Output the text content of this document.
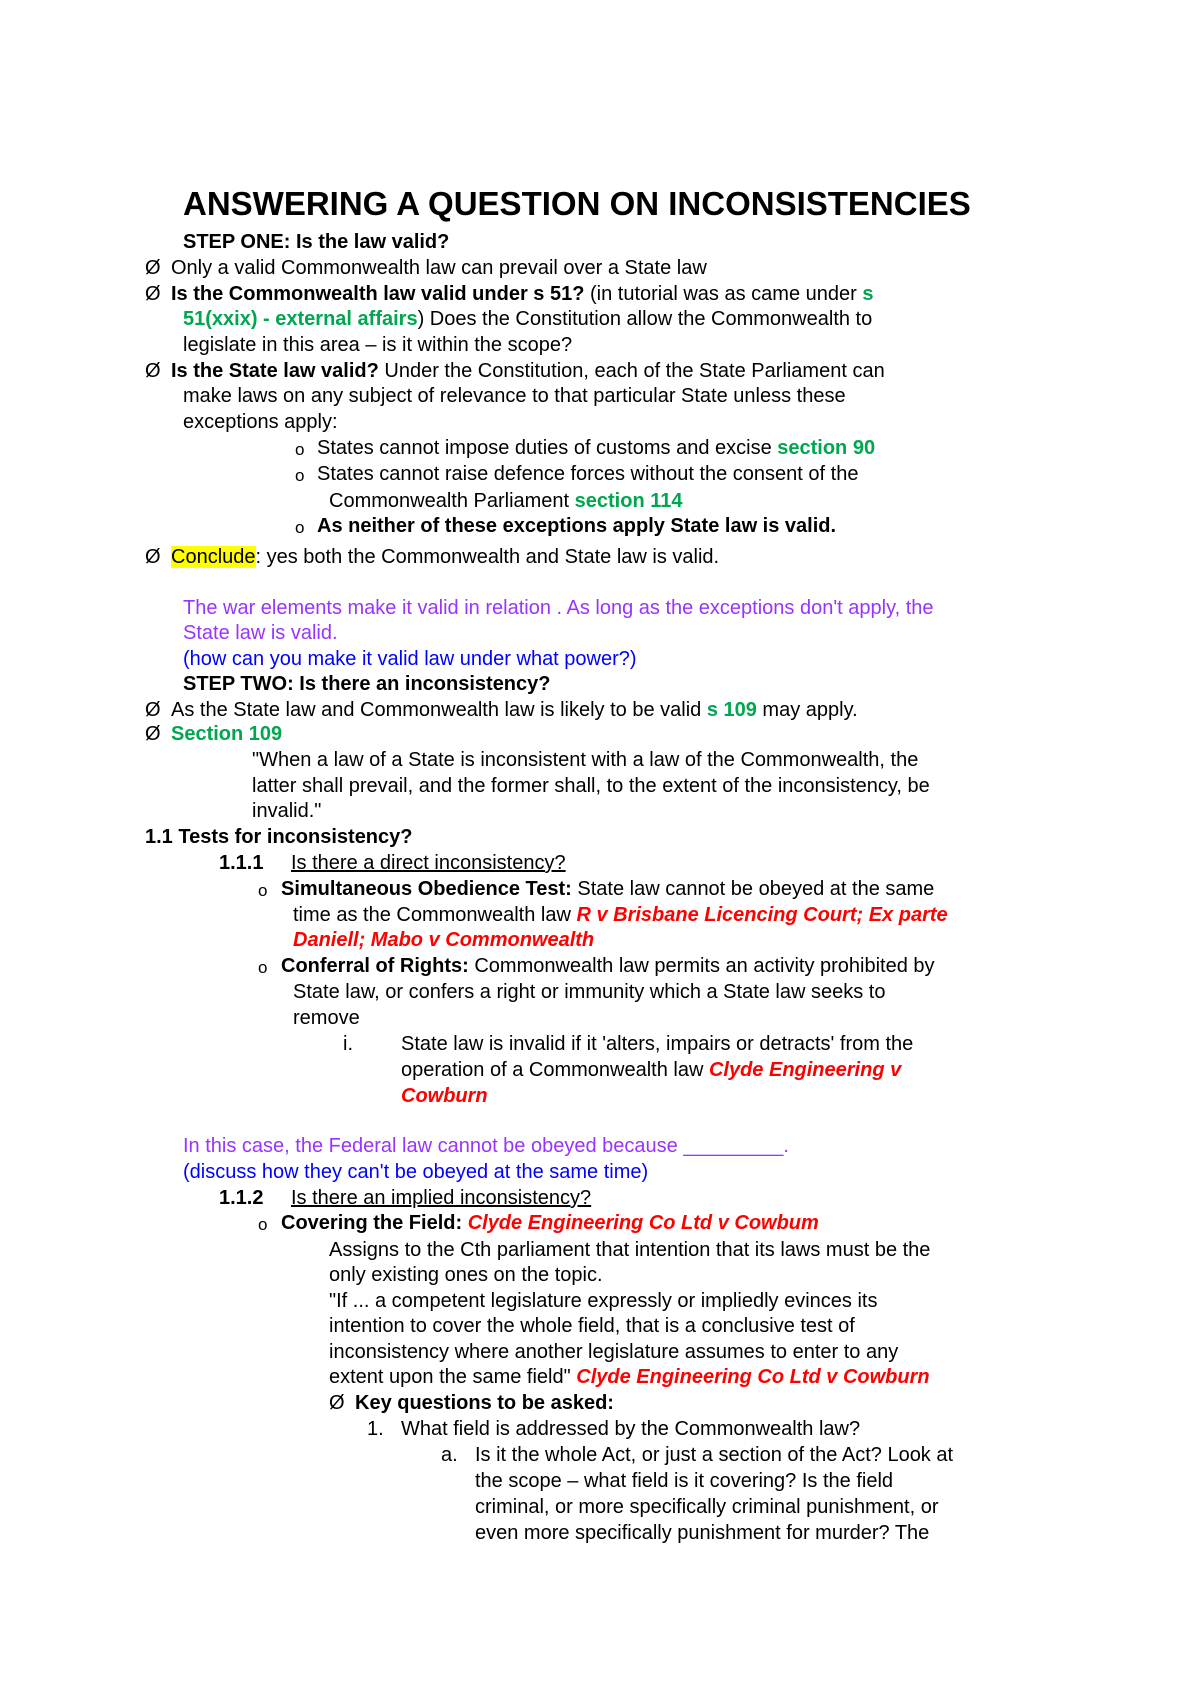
ANSWERING A QUESTION ON INCONSISTENCIES
STEP ONE: Is the law valid?
Ø Only a valid Commonwealth law can prevail over a State law
Ø Is the Commonwealth law valid under s 51? (in tutorial was as came under s
51(xxix) - external affairs) Does the Constitution allow the Commonwealth to
legislate in this area – is it within the scope?
Ø Is the State law valid? Under the Constitution, each of the State Parliament can
make laws on any subject of relevance to that particular State unless these
exceptions apply:
o States cannot impose duties of customs and excise section 90
o States cannot raise defence forces without the consent of the
Commonwealth Parliament section 114
o As neither of these exceptions apply State law is valid.
Ø Conclude: yes both the Commonwealth and State law is valid.
The war elements make it valid in relation . As long as the exceptions don't apply, the
State law is valid.
(how can you make it valid law under what power?)
STEP TWO: Is there an inconsistency?
Ø As the State law and Commonwealth law is likely to be valid s 109 may apply.
Ø Section 109
"When a law of a State is inconsistent with a law of the Commonwealth, the
latter shall prevail, and the former shall, to the extent of the inconsistency, be
invalid."
1.1 Tests for inconsistency?
1.1.1 Is there a direct inconsistency?
o Simultaneous Obedience Test: State law cannot be obeyed at the same
time as the Commonwealth law R v Brisbane Licencing Court; Ex parte
Daniell; Mabo v Commonwealth
o Conferral of Rights: Commonwealth law permits an activity prohibited by
State law, or confers a right or immunity which a State law seeks to
remove
i. State law is invalid if it 'alters, impairs or detracts' from the
operation of a Commonwealth law Clyde Engineering v
Cowburn
In this case, the Federal law cannot be obeyed because _________.
(discuss how they can't be obeyed at the same time)
1.1.2 Is there an implied inconsistency?
o Covering the Field: Clyde Engineering Co Ltd v Cowbum
Assigns to the Cth parliament that intention that its laws must be the
only existing ones on the topic.
"If ... a competent legislature expressly or impliedly evinces its
intention to cover the whole field, that is a conclusive test of
inconsistency where another legislature assumes to enter to any
extent upon the same field" Clyde Engineering Co Ltd v Cowburn
Ø Key questions to be asked:
1. What field is addressed by the Commonwealth law?
a. Is it the whole Act, or just a section of the Act? Look at
the scope – what field is it covering? Is the field
criminal, or more specifically criminal punishment, or
even more specifically punishment for murder? The
